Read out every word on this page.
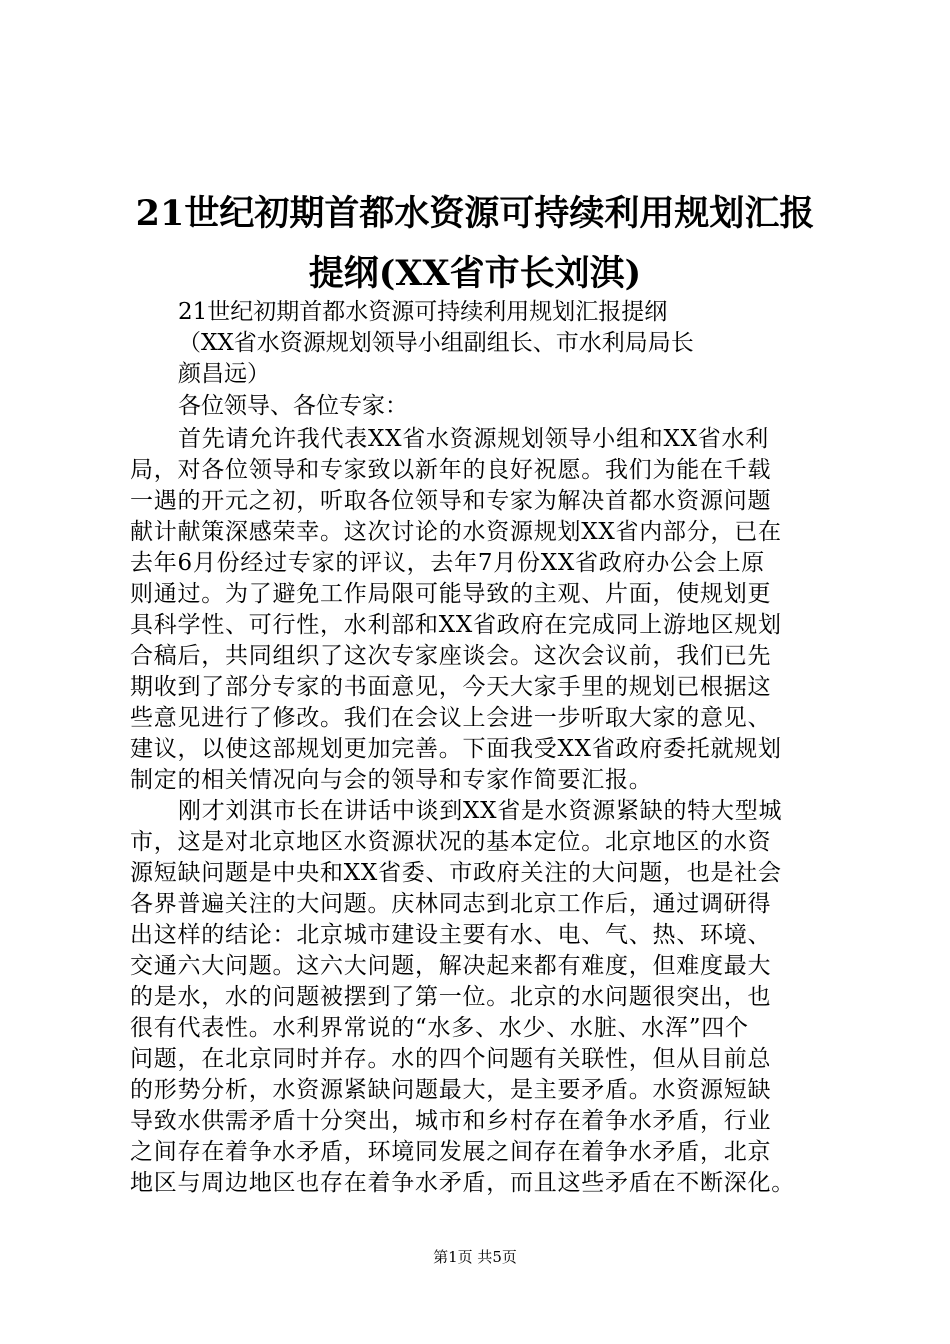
21世纪初期首都水资源可持续利用规划汇报
提纲(XX省市长刘淇)

21世纪初期首都水资源可持续利用规划汇报提纲

（XX省水资源规划领导小组副组长、市水利局局长

颜昌远）

各位领导、各位专家：

首先请允许我代表XX省水资源规划领导小组和XX省水利

局，对各位领导和专家致以新年的良好祝愿。我们为能在千载

一遇的开元之初，听取各位领导和专家为解决首都水资源问题

献计献策深感荣幸。这次讨论的水资源规划XX省内部分，已在

去年6月份经过专家的评议，去年7月份XX省政府办公会上原

则通过。为了避免工作局限可能导致的主观、片面，使规划更

具科学性、可行性，水利部和XX省政府在完成同上游地区规划

合稿后，共同组织了这次专家座谈会。这次会议前，我们已先

期收到了部分专家的书面意见，今天大家手里的规划已根据这

些意见进行了修改。我们在会议上会进一步听取大家的意见、

建议，以使这部规划更加完善。下面我受XX省政府委托就规划

制定的相关情况向与会的领导和专家作简要汇报。

刚才刘淇市长在讲话中谈到XX省是水资源紧缺的特大型城

市，这是对北京地区水资源状况的基本定位。北京地区的水资

源短缺问题是中央和XX省委、市政府关注的大问题，也是社会

各界普遍关注的大问题。庆林同志到北京工作后，通过调研得

出这样的结论：北京城市建设主要有水、电、气、热、环境、

交通六大问题。这六大问题，解决起来都有难度，但难度最大

的是水，水的问题被摆到了第一位。北京的水问题很突出，也

很有代表性。水利界常说的“水多、水少、水脏、水浑”四个

问题，在北京同时并存。水的四个问题有关联性，但从目前总

的形势分析，水资源紧缺问题最大，是主要矛盾。水资源短缺

导致水供需矛盾十分突出，城市和乡村存在着争水矛盾，行业

之间存在着争水矛盾，环境同发展之间存在着争水矛盾，北京

地区与周边地区也存在着争水矛盾，而且这些矛盾在不断深化。

第1页 共5页
